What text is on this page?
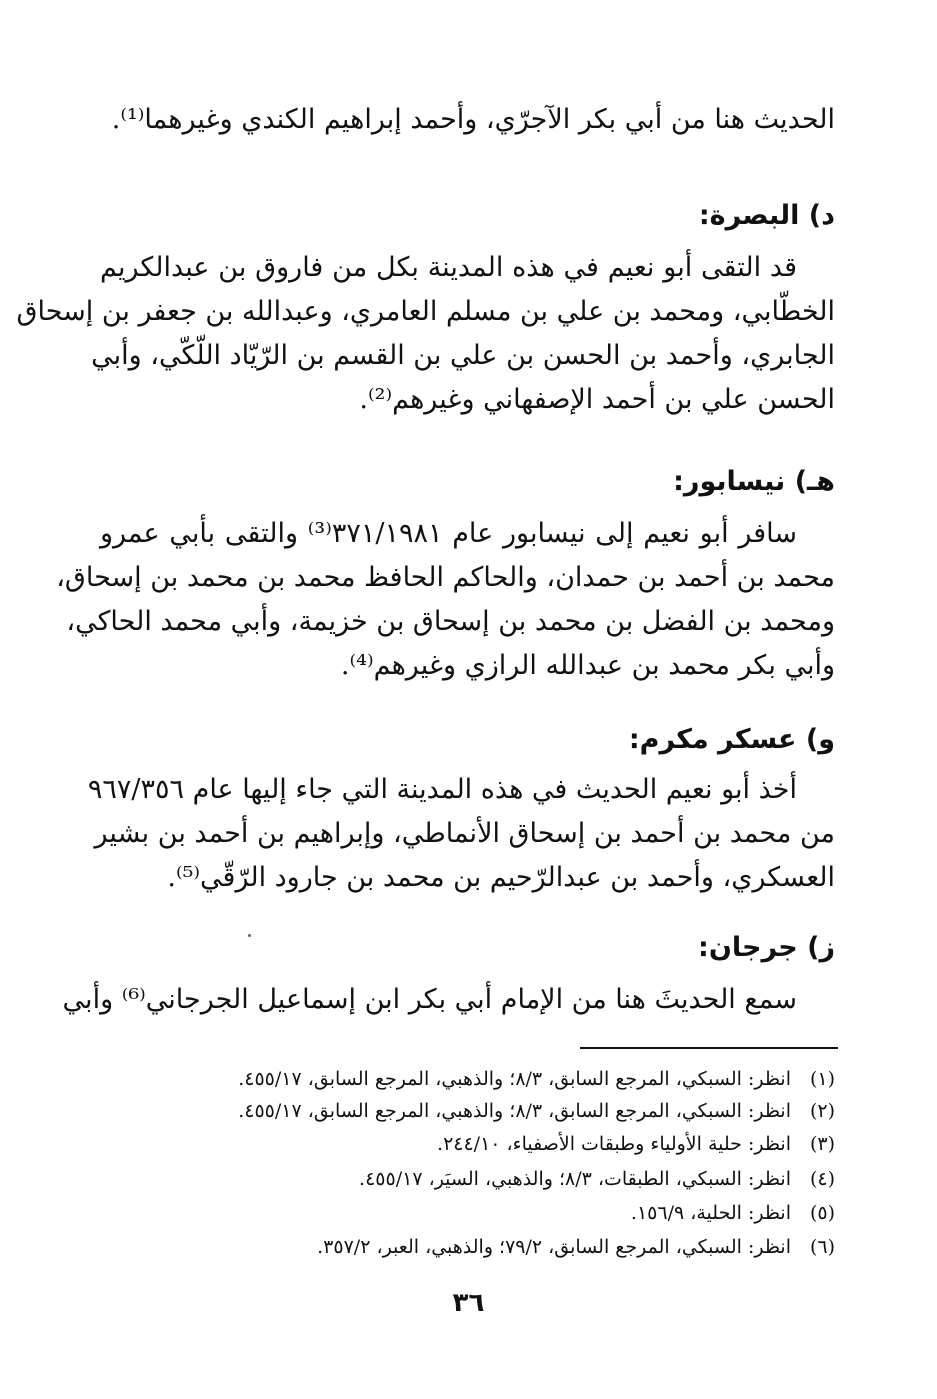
الحديث هنا من أبي بكر الآجرّي، وأحمد إبراهيم الكندي وغيرهما⁽¹⁾.
د) البصرة:
قد التقى أبو نعيم في هذه المدينة بكل من فاروق بن عبدالكريم
الخطّابي، ومحمد بن علي بن مسلم العامري، وعبدالله بن جعفر بن إسحاق
الجابري، وأحمد بن الحسن بن علي بن القسم بن الرّيّاد اللّكّي، وأبي
الحسن علي بن أحمد الإصفهاني وغيرهم⁽²⁾.
هـ) نيسابور:
سافر أبو نعيم إلى نيسابور عام ٣٧١/١٩٨١⁽³⁾ والتقى بأبي عمرو
محمد بن أحمد بن حمدان، والحاكم الحافظ محمد بن محمد بن إسحاق،
ومحمد بن الفضل بن محمد بن إسحاق بن خزيمة، وأبي محمد الحاكي،
وأبي بكر محمد بن عبدالله الرازي وغيرهم⁽⁴⁾.
و) عسكر مكرم:
أخذ أبو نعيم الحديث في هذه المدينة التي جاء إليها عام ٩٦٧/٣٥٦
من محمد بن أحمد بن إسحاق الأنماطي، وإبراهيم بن أحمد بن بشير
العسكري، وأحمد بن عبدالرّحيم بن محمد بن جارود الرّقّي⁽⁵⁾.
ز) جرجان:
سمع الحديثَ هنا من الإمام أبي بكر ابن إسماعيل الجرجاني⁽⁶⁾ وأبي
(١)انظر: السبكي، المرجع السابق، ٨/٣؛ والذهبي، المرجع السابق، ٤٥٥/١٧.
(٢)انظر: السبكي، المرجع السابق، ٨/٣؛ والذهبي، المرجع السابق، ٤٥٥/١٧.
(٣)انظر: حلية الأولياء وطبقات الأصفياء، ٢٤٤/١٠.
(٤)انظر: السبكي، الطبقات، ٨/٣؛ والذهبي، السيَر، ٤٥٥/١٧.
(٥)انظر: الحلية، ١٥٦/٩.
(٦)انظر: السبكي، المرجع السابق، ٧٩/٢؛ والذهبي، العبر، ٣٥٧/٢.
٣٦
